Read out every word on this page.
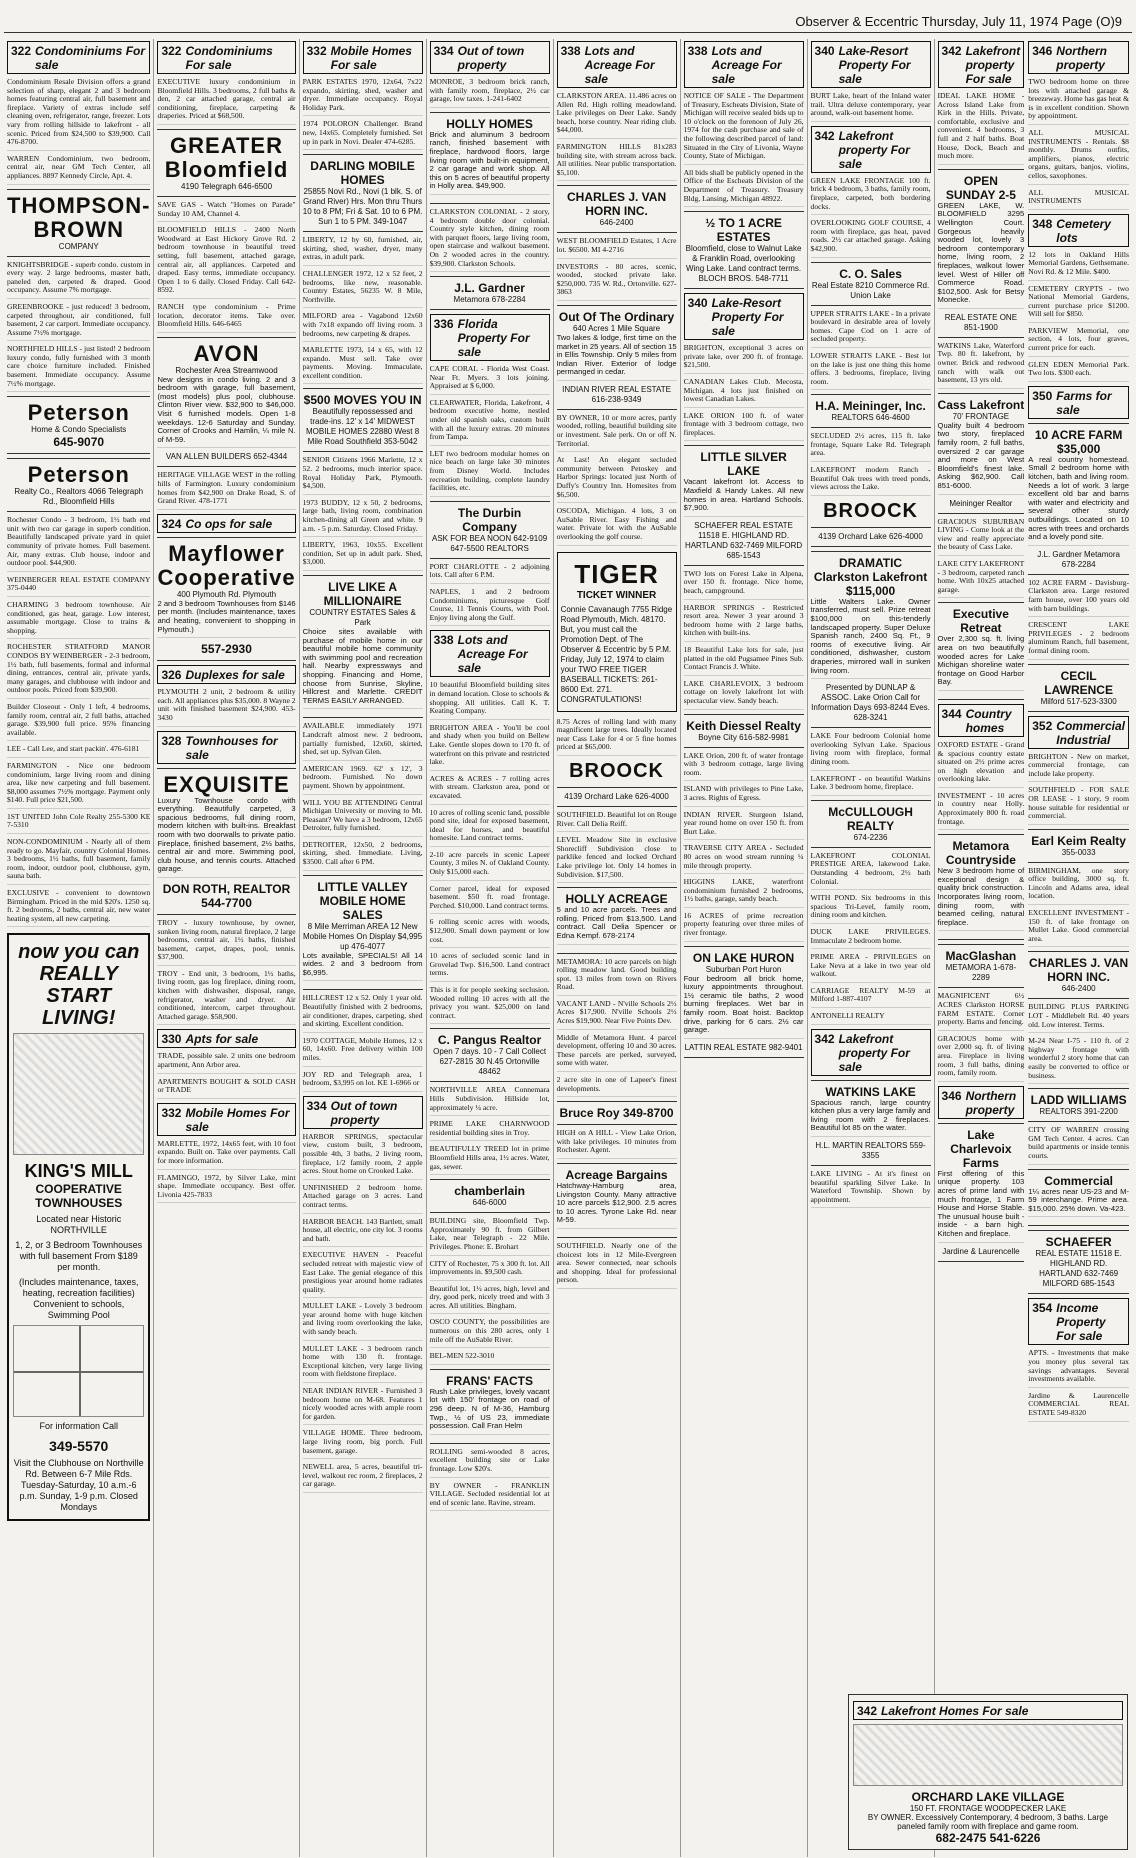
Observer & Eccentric Thursday, July 11, 1974 Page (O)9
322 Condominiums For sale

Condominium Resale Division offers a grand selection of sharp, elegant 2 and 3 bedroom homes featuring central air, full basement and fireplace. Variety of extras include self cleaning oven, refrigerator, range, freezer. Lots vary from rolling hillside to lakefront - all scenic. Priced from $24,500 to $39,900. Call 476-8700.

WARREN Condominium, two bedroom, central air, near GM Tech Center, all appliances. 8897 Kennedy Circle, Apt. 4.

THOMPSON-BROWN
COMPANY

KNIGHTSBRIDGE - superb condo. custom in every way. 2 large bedrooms, master bath, paneled den, carpeted & draped. Good occupancy. Assume 7% mortgage.

GREENBROOKE - just reduced! 3 bedroom, carpeted throughout, air conditioned, full basement, 2 car carport. Immediate occupancy. Assume 7½% mortgage.

NORTHFIELD HILLS - just listed! 2 bedroom luxury condo, fully furnished with 3 month care choice furniture included. Finished basement. Immediate occupancy. Assume 7½% mortgage.

Peterson
Home & Condo Specialists
645-9070
Peterson
Realty Co., Realtors 4066 Telegraph Rd., Bloomfield Hills

Rochester Condo - 3 bedroom, 1½ bath end unit with two car garage in superb condition. Beautifully landscaped private yard in quiet community of private homes. Full basement. Air, many extras. Club house, indoor and outdoor pool. $44,900.

WEINBERGER REAL ESTATE COMPANY 375-0440

CHARMING 3 bedroom townhouse. Air conditioned, gas heat, garage. Low interest, assumable mortgage. Close to trains & shopping.

ROCHESTER STRATFORD MANOR CONDOS BY WEINBERGER - 2-3 bedroom, 1½ bath, full basements, formal and informal dining, entrances, central air, private yards, many garages, and clubhouse with indoor and outdoor pools. Priced from $39,900.

Builder Closeout - Only 1 left, 4 bedrooms, family room, central air, 2 full baths, attached garage. $39,900 full price. 95% financing available.

LEE - Call Lee, and start packin'. 476-6181

FARMINGTON - Nice one bedroom condominium, large living room and dining area, like new carpeting and full basement. $8,000 assumes 7½% mortgage. Payment only $140. Full price $21,500.

1ST UNITED John Cole Realty 255-5300 KE 7-5310

NON-CONDOMINIUM - Nearly all of them ready to go. Mayfair, country Colonial Homes. 3 bedrooms, 1½ baths, full basement, family room, indoor, outdoor pool, clubhouse, gym, sauna bath.

EXCLUSIVE - convenient to downtown Birmingham. Priced in the mid $20's. 1250 sq. ft. 2 bedrooms, 2 baths, central air, new water heating system, all new carpeting.

now you can REALLY START LIVING!
KING'S MILL
COOPERATIVE TOWNHOUSES
Located near Historic NORTHVILLE
1, 2, or 3 Bedroom Townhouses with full basement From $189 per month.
(Includes maintenance, taxes, heating, recreation facilities) Convenient to schools, Swimming Pool
For information Call
349-5570
Visit the Clubhouse on Northville Rd. Between 6-7 Mile Rds. Tuesday-Saturday, 10 a.m.-6 p.m. Sunday, 1-9 p.m. Closed Mondays
322 Condominiums For sale

EXECUTIVE luxury condominium in Bloomfield Hills. 3 bedrooms, 2 full baths & den, 2 car attached garage, central air conditioning, fireplace, carpeting & draperies. Priced at $68,500.

GREATER Bloomfield
4190 Telegraph 646-6500

SAVE GAS - Watch "Homes on Parade" Sunday 10 AM, Channel 4.

BLOOMFIELD HILLS - 2400 North Woodward at East Hickory Grove Rd. 2 bedroom townhouse in beautiful treed setting, full basement, attached garage, central air, all appliances. Carpeted and draped. Easy terms, immediate occupancy. Open 1 to 6 daily. Closed Friday. Call 642-8592.

RANCH type condominium - Prime location, decorator items. Take over. Bloomfield Hills. 646-6465

AVON
Rochester Area Streamwood

New designs in condo living. 2 and 3 bedroom with garage, full basement, (most models) plus pool, clubhouse. Clinton River view. $32,900 to $46,000. Visit 6 furnished models. Open 1-8 weekdays. 12-6 Saturday and Sunday. Corner of Crooks and Hamlin, ¼ mile N. of M-59.

VAN ALLEN BUILDERS 652-4344

HERITAGE VILLAGE WEST in the rolling hills of Farmington. Luxury condominium homes from $42,900 on Drake Road, S. of Grand River. 478-1771

324 Co ops for sale
Mayflower Cooperative
400 Plymouth Rd. Plymouth

2 and 3 bedroom Townhouses from $146 per month. (Includes maintenance, taxes and heating, convenient to shopping in Plymouth.)

557-2930
326 Duplexes for sale

PLYMOUTH 2 unit, 2 bedroom & utility each. All appliances plus $35,000. 8 Wayne 2 unit with finished basement $24,900. 453-3430

328 Townhouses for sale
EXQUISITE

Luxury Townhouse condo with everything. Beautifully carpeted, 3 spacious bedrooms, full dining room, modern kitchen with built-ins. Breakfast room with two doorwalls to private patio. Fireplace, finished basement, 2½ baths, central air and more. Swimming pool, club house, and tennis courts. Attached garage.

DON ROTH, REALTOR 544-7700

TROY - luxury townhouse, by owner, sunken living room, natural fireplace, 2 large bedrooms, central air, 1½ baths, finished basement, carpet, drapes, pool, tennis. $37,900.

TROY - End unit, 3 bedroom, 1½ baths, living room, gas log fireplace, dining room, kitchen with dishwasher, disposal, range, refrigerator, washer and dryer. Air conditioned, intercom, carpet throughout. Attached garage. $58,900.

330 Apts for sale

TRADE, possible sale. 2 units one bedroom apartment, Ann Arbor area.

APARTMENTS BOUGHT & SOLD CASH or TRADE

332 Mobile Homes For sale

MARLETTE, 1972, 14x65 feet, with 10 foot expando. Built on. Take over payments. Call for more information.

FLAMINGO, 1972, by Silver Lake, mint shape. Immediate occupancy. Best offer. Livonia 425-7833

332 Mobile Homes For sale

PARK ESTATES 1970, 12x64, 7x22 expando, skirting, shed, washer and dryer. Immediate occupancy. Royal Holiday Park.

1974 POLORON Challenger. Brand new, 14x65. Completely furnished. Set up in park in Novi. Dealer 474-6285.

DARLING MOBILE HOMES
25855 Novi Rd., Novi (1 blk. S. of Grand River) Hrs. Mon thru Thurs 10 to 8 PM; Fri & Sat. 10 to 6 PM. Sun 1 to 5 PM. 349-1047

LIBERTY, 12 by 60, furnished, air, skirting, shed, washer, dryer, many extras, in adult park.

CHALLENGER 1972, 12 x 52 feet, 2 bedrooms, like new, reasonable. Country Estates, 56235 W. 8 Mile, Northville.

MILFORD area - Vagabond 12x60 with 7x18 expando off living room. 3 bedrooms, new carpeting & drapes.

MARLETTE 1973, 14 x 65, with 12 expando. Must sell. Take over payments. Moving. Immaculate, excellent condition.

$500 MOVES YOU IN
Beautifully repossessed and trade-ins. 12' x 14' MIDWEST MOBILE HOMES 22880 West 8 Mile Road Southfield 353-5042

SENIOR Citizens 1966 Marlette, 12 x 52. 2 bedrooms, much interior space. Royal Holiday Park, Plymouth. $4,500.

1973 BUDDY, 12 x 50, 2 bedrooms, large bath, living room, combination kitchen-dining all Green and white. 9 a.m. - 5 p.m. Saturday. Closed Friday.

LIBERTY, 1963, 10x55. Excellent condition, Set up in adult park. Shed, $3,000.

LIVE LIKE A MILLIONAIRE
COUNTRY ESTATES Sales & Park

Choice sites available with purchase of mobile home in our beautiful mobile home community with swimming pool and recreation hall. Nearby expressways and shopping. Financing and Home, choose from Sunrise, Skyline, Hillcrest and Marlette. CREDIT TERMS EASILY ARRANGED.

AVAILABLE immediately 1971 Landcraft almost new. 2 bedroom, partially furnished, 12x60, skirted, shed, set up. Sylvan Glen.

AMERICAN 1969. 62' x 12', 3 bedroom. Furnished. No down payment. Shown by appointment.

WILL YOU BE ATTENDING Central Michigan University or moving to Mt. Pleasant? We have a 3 bedroom, 12x65 Detroiter, fully furnished.

DETROITER, 12x50, 2 bedrooms, skirting, shed. Immediate. Living, $3500. Call after 6 PM.

LITTLE VALLEY MOBILE HOME SALES
8 Mile Merriman AREA 12 New Mobile Homes On Display $4,995 up 476-4077

Lots available, SPECIALS! All 14 wides. 2 and 3 bedroom from $6,995.

HILLCREST 12 x 52. Only 1 year old. Beautifully finished with 2 bedrooms, air conditioner, drapes, carpeting, shed and skirting. Excellent condition.

1970 COTTAGE, Mobile Homes, 12 x 60, 14x60. Free delivery within 100 miles.

JOY RD and Telegraph area, 1 bedroom, $3,995 on lot. KE 1-6966 or

334 Out of town property

HARBOR SPRINGS, spectacular view, custom built, 3 bedroom, possible 4th, 3 baths, 2 living room, fireplace, 1/2 family room, 2 apple acres. Stout home on Crooked Lake.

UNFINISHED 2 bedroom home. Attached garage on 3 acres. Land contract terms.

HARBOR BEACH. 143 Bartlett, small house, all electric, one city lot. 3 rooms and bath.

EXECUTIVE HAVEN - Peaceful secluded retreat with majestic view of East Lake. The genial elegance of this prestigious year around home radiates quality.

MULLET LAKE - Lovely 3 bedroom year around home with huge kitchen and living room overlooking the lake, with sandy beach.

MULLET LAKE - 3 bedroom ranch home with 130 ft. frontage. Exceptional kitchen, very large living room with fieldstone fireplace.

NEAR INDIAN RIVER - Furnished 3 bedroom home on M-68. Features 1 nicely wooded acres with ample room for garden.

VILLAGE HOME. Three bedroom, large living room, big porch. Full basement, garage.

NEWELL area, 5 acres, beautiful tri-level, walkout rec room, 2 fireplaces, 2 car garage.

334 Out of town property

MONROE, 3 bedroom brick ranch, with family room, fireplace, 2½ car garage, low taxes. 1-241-6402

HOLLY HOMES

Brick and aluminum 3 bedroom ranch, finished basement with fireplace, hardwood floors, large living room with built-in equipment, 2 car garage and work shop. All this on 5 acres of beautiful property in Holly area. $49,900.

CLARKSTON COLONIAL - 2 story, 4 bedroom double door colonial. Country style kitchen, dining room with parquet floors, large living room, open staircase and walkout basement. On 2 wooded acres in the country. $39,900. Clarkston Schools.

J.L. Gardner
Metamora 678-2284
336 Florida Property For sale

CAPE CORAL - Florida West Coast. Near Ft. Myers. 3 lots joining. Appraised at $ 6,000.

CLEARWATER, Florida, Lakefront, 4 bedroom executive home, nestled under old spanish oaks, custom built with all the luxury extras. 20 minutes from Tampa.

LET two bedroom modular homes on nice beach on large lake 30 minutes from Disney World. Includes recreation building, complete laundry facilities, etc.

The Durbin Company
ASK FOR BEA NOON 642-9109 647-5500 REALTORS

PORT CHARLOTTE - 2 adjoining lots. Call after 6 P.M.

NAPLES, 1 and 2 bedroom Condominiums, picturesque Golf Course, 11 Tennis Courts, with Pool. Enjoy living along the Gulf.

338 Lots and Acreage For sale

10 beautiful Bloomfield building sites in demand location. Close to schools & shopping. All utilities. Call K. T. Keating Company.

BRIGHTON AREA - You'll be cool and shady when you build on Bellew Lake. Gentle slopes down to 170 ft. of waterfront on this private and restricted lake.

ACRES & ACRES - 7 rolling acres with stream. Clarkston area, pond or excavated.

10 acres of rolling scenic land, possible pond site, ideal for exposed basement, ideal for horses, and beautiful homesite. Land contract terms.

2-10 acre parcels in scenic Lapeer County, 3 miles N. of Oakland County. Only $15,000 each.

Corner parcel, ideal for exposed basement. $50 ft. road frontage. Perched. $10,000. Land contract terms.

6 rolling scenic acres with woods, $12,900. Small down payment or low cost.

10 acres of secluded scenic land in Grovelad Twp. $16,500. Land contract terms.

This is it for people seeking seclusion. Wooded rolling 10 acres with all the privacy you want. $25,000 on land contract.

C. Pangus Realtor
Open 7 days. 10 - 7 Call Collect 627-2815 30 N.45 Ortonville 48462

NORTHVILLE AREA Connemara Hills Subdivision. Hillside lot, approximately ¼ acre.

PRIME LAKE CHARNWOOD residential building sites in Troy.

BEAUTIFULLY TREED lot in prime Bloomfield Hills area, 1½ acres. Water, gas, sewer.

chamberlain
646-6000

BUILDING site, Bloomfield Twp. Approximately 90 ft. from Gilbert Lake, near Telegraph - 22 Mile. Privileges. Phone: E. Brohart

CITY of Rochester, 75 x 300 ft. lot. All improvements in. $9,500 cash.

Beautiful lot, 1½ acres, high, level and dry, good perk, nicely treed and with 3 acres. All utilities. Bingham.

OSCO COUNTY, the possibilities are numerous on this 280 acres, only 1 mile off the AuSable River.

BEL-MEN 522-3010

FRANS' FACTS

Rush Lake privileges, lovely vacant lot with 150' frontage on road of 296 deep. N of M-36, Hamburg Twp., ½ of US 23, immediate possession. Call Fran Helm

ROLLING semi-wooded 8 acres, excellent building site or Lake frontage. Low $20's.

BY OWNER - FRANKLIN VILLAGE. Secluded residential lot at end of scenic lane. Ravine, stream.

338 Lots and Acreage For sale

CLARKSTON AREA. 11.486 acres on Allen Rd. High rolling meadowland. Lake privileges on Deer Lake. Sandy beach, horse country. Near riding club. $44,000.

FARMINGTON HILLS 81x283 building site, with stream across back. All utilities. Near public transportation. $5,100.

CHARLES J. VAN HORN INC.
646-2400

WEST BLOOMFIELD Estates, 1 Acre lot. $6500. MI 4-2716

INVESTORS - 80 acres, scenic, wooded, stocked private lake. $250,000. 735 W. Rd., Ortonville. 627-3863

Out Of The Ordinary
640 Acres 1 Mile Square

Two lakes & lodge, first time on the market in 25 years. All of section 15 in Ellis Township. Only 5 miles from Indian River. Exterior of lodge permanged in cedar.

INDIAN RIVER REAL ESTATE 616-238-9349

BY OWNER, 10 or more acres, partly wooded, rolling, beautiful building site or investment. Sale perk. On or off N. Territorial.

At Last! An elegant secluded community between Petoskey and Harbor Springs: located just North of Duffy's Country Inn. Homesites from $6,500.

OSCODA, Michigan. 4 lots, 3 on AuSable River. Easy Fishing and water. Private lot with the AuSable overlooking the golf course.

TIGER
TICKET WINNER
Connie Cavanaugh 7755 Ridge Road Plymouth, Mich. 48170. But, you must call the Promotion Dept. of The Observer & Eccentric by 5 P.M. Friday, July 12, 1974 to claim your TWO FREE TIGER BASEBALL TICKETS: 261-8600 Ext. 271. CONGRATULATIONS!

8.75 Acres of rolling land with many magnificent large trees. Ideally located near Cass Lake for 4 or 5 fine homes priced at $65,000.

BROOCK
4139 Orchard Lake 626-4000

SOUTHFIELD. Beautiful lot on Rouge River. Call Delia Reiff.

LEVEL Meadow Site in exclusive Shorecliff Subdivision close to parklike fenced and locked Orchard Lake privilege lot. Only 14 homes in Subdivision. $17,500.

HOLLY ACREAGE

5 and 10 acre parcels. Trees and rolling. Priced from $13,500. Land contract. Call Delia Spencer or Edna Kempf. 678-2174

METAMORA: 10 acre parcels on high rolling meadow land. Good building spot. 13 miles from town on Rivers Road.

VACANT LAND - N'ville Schools 2½ Acres $17,900. N'ville Schools 2½ Acres $19,900. Near Five Points Dev.

Middle of Metamora Hunt. 4 parcel development, offering 10 and 30 acres. These parcels are perked, surveyed, some with water.

2 acre site in one of Lapeer's finest developments.

Bruce Roy 349-8700

HIGH on A HILL - View Lake Orion, with lake privileges. 10 minutes from Rochester. Agent.

Acreage Bargains

Hatchway-Hamburg area, Livingston County. Many attractive 10 acre parcels $12,900. 2.5 acres to 10 acres. Tyrone Lake Rd. near M-59.

SOUTHFIELD. Nearly one of the choicest lots in 12 Mile-Evergreen area. Sewer connected, near schools and shopping. Ideal for professional person.

338 Lots and Acreage For sale

NOTICE OF SALE - The Department of Treasury, Escheats Division, State of Michigan will receive sealed bids up to 10 o'clock on the forenoon of July 26, 1974 for the cash purchase and sale of the following described parcel of land: Situated in the City of Livonia, Wayne County, State of Michigan.

All bids shall be publicly opened in the Office of the Escheats Division of the Department of Treasury. Treasury Bldg, Lansing, Michigan 48922.

½ TO 1 ACRE ESTATES
Bloomfield, close to Walnut Lake & Franklin Road, overlooking Wing Lake. Land contract terms. BLOCH BROS. 548-7711
340 Lake-Resort Property For sale

BRIGHTON, exceptional 3 acres on private lake, over 200 ft. of frontage. $21,500.

CANADIAN Lakes Club. Mecosta, Michigan. 4 lots just finished on lowest Canadian Lakes.

LAKE ORION 100 ft. of water frontage with 3 bedroom cottage, two fireplaces.

LITTLE SILVER LAKE

Vacant lakefront lot. Access to Maxfield & Handy Lakes. All new homes in area. Hartland Schools. $7,900.

SCHAEFER REAL ESTATE 11518 E. HIGHLAND RD. HARTLAND 632-7469 MILFORD 685-1543

TWO lots on Forest Lake in Alpena, over 150 ft. frontage. Nice home, beach, campground.

HARBOR SPRINGS - Restricted resort area. Newer 3 year around 3 bedroom home with 2 large baths, kitchen with built-ins.

18 Beautiful Lake lots for sale, just platted in the old Pugsamee Pines Sub. Contact Francis J. White.

LAKE CHARLEVOIX, 3 bedroom cottage on lovely lakefront lot with spectacular view. Sandy beach.

Keith Diessel Realty
Boyne City 616-582-9981

LAKE Orion, 200 ft. of water frontage with 3 bedroom cottage, large living room.

ISLAND with privileges to Pine Lake, 3 acres. Rights of Egress.

INDIAN RIVER. Sturgeon Island, year round home on over 150 ft. from Burt Lake.

TRAVERSE CITY AREA - Secluded 80 acres on wood stream running ¼ mile through property.

HIGGINS LAKE, waterfront condominium furnished 2 bedrooms, 1½ baths, garage, sandy beach.

16 ACRES of prime recreation property featuring over three miles of river frontage.

ON LAKE HURON
Suburban Port Huron

Four bedroom all brick home, luxury appointments throughout. 1½ ceramic tile baths, 2 wood burning fireplaces. Wet bar in family room. Boat hoist. Backtop drive, parking for 6 cars. 2½ car garage.

LATTIN REAL ESTATE 982-9401
340 Lake-Resort Property For sale

BURT Lake, heart of the Inland water trail. Ultra deluxe contemporary, year around, walk-out basement home.

342 Lakefront property For sale

GREEN LAKE FRONTAGE 100 ft. brick 4 bedroom, 3 baths, family room, fireplace, carpeted, both bordering docks.

OVERLOOKING GOLF COURSE, 4 room with fireplace, gas heat, paved roads. 2½ car attached garage. Asking $42,900.

C. O. Sales
Real Estate 8210 Commerce Rd. Union Lake

UPPER STRAITS LAKE - In a private boulevard in desirable area of lovely homes. Cape Cod on 1 acre of secluded property.

LOWER STRAITS LAKE - Best lot on the lake is just one thing this home offers. 3 bedrooms, fireplace, living room.

H.A. Meininger, Inc.
REALTORS 646-4600

SECLUDED 2½ acres, 115 ft. lake frontage, Square Lake Rd. Telegraph area.

LAKEFRONT modern Ranch - Beautiful Oak trees with treed ponds, views across the Lake.

BROOCK
4139 Orchard Lake 626-4000
DRAMATIC Clarkston Lakefront $115,000

Little Walters Lake. Owner transferred, must sell. Prize retreat $100,000 on this-tenderly landscaped property. Super Deluxe Spanish ranch, 2400 Sq. Ft., 9 rooms of executive living. Air conditioned, dishwasher, custom draperies, mirrored wall in sunken living room.

Presented by DUNLAP & ASSOC. Lake Orion Call for Information Days 693-8244 Eves. 628-3241

LAKE Four bedroom Colonial home overlooking Sylvan Lake. Spacious living room with fireplace, formal dining room.

LAKEFRONT - on beautiful Watkins Lake. 3 bedroom home, fireplace.

McCULLOUGH REALTY
674-2236

LAKEFRONT COLONIAL PRESTIGE AREA, lakewood Lake. Outstanding 4 bedroom, 2½ bath Colonial.

WITH POND. Six bedrooms in this spacious Tri-Level, family room, dining room and kitchen.

DUCK LAKE PRIVILEGES. Immaculate 2 bedroom home.

PRIME AREA - PRIVILEGES on Lake Neva at a lake in two year old walkout.

CARRIAGE REALTY M-59 at Milford 1-887-4107

ANTONELLI REALTY

342 Lakefront property For sale
WATKINS LAKE

Spacious ranch, large country kitchen plus a very large family and living room with 2 fireplaces. Beautiful lot 85 on the water.

H.L. MARTIN REALTORS 559-3355

LAKE LIVING - At it's finest on beautiful sparkling Silver Lake. In Waterford Township. Shown by appointment.

342 Lakefront property For sale

IDEAL LAKE HOME - Across Island Lake from Kirk in the Hills. Private, comfortable, exclusive and convenient. 4 bedrooms, 3 full and 2 half baths. Boat House, Dock, Beach and much more.

OPEN SUNDAY 2-5

GREEN LAKE, W. BLOOMFIELD 3295 Wellington Court. Gorgeous heavily wooded lot, lovely 3 bedroom contemporary home, living room, 2 fireplaces, walkout lower level. West of Hiller off Commerce Road. $102,500. Ask for Betsy Monecke.

REAL ESTATE ONE 851-1900

WATKINS Lake, Waterford Twp. 80 ft. lakefront, by owner. Brick and redwood ranch with walk out basement, 13 yrs old.

Cass Lakefront
70' FRONTAGE

Quality built 4 bedroom two story, fireplaced family room, 2 full baths, oversized 2 car garage and more on West Bloomfield's finest lake. Asking $62,900. Call 851-6000.

Meininger Realtor

GRACIOUS SUBURBAN LIVING - Come look at the view and really appreciate the beauty of Cass Lake.

LAKE CITY LAKEFRONT - 3 bedroom, carpeted ranch home. With 10x25 attached garage.

Executive Retreat

Over 2,300 sq. ft. living area on two beautifully wooded acres for Lake Michigan shoreline water frontage on Good Harbor Bay.

344 Country homes

OXFORD ESTATE - Grand & spacious country estate situated on 2½ prime acres on high elevation and overlooking lake.

INVESTMENT - 10 acres in country near Holly. Approximately 800 ft. road frontage.

Metamora Countryside

New 3 bedroom home of exceptional design & quality brick construction. Incorporates living room, dining room, with beamed ceiling, natural fireplace.

MacGlashan
METAMORA 1-678-2289

MAGNIFICENT 6½ ACRES Clarkston HORSE FARM ESTATE. Corner property. Barns and fencing.

GRACIOUS home with over 2,000 sq. ft. of living area. Fireplace in living room, 3 full baths, dining room, family room.

346 Northern property
Lake Charlevoix Farms

First offering of this unique property. 103 acres of prime land with much frontage, 1 Farm House and Horse Stable. The unusual house built - inside - a barn high. Kitchen and fireplace.

Jardine & Laurencelle
346 Northern property

TWO bedroom home on three lots with attached garage & breezeway. Home has gas heat & is in excellent condition. Shown by appointment.

ALL MUSICAL INSTRUMENTS - Rentals. $8 monthly. Drums outfits, amplifiers, pianos, electric organs, guitars, banjos, violins, cellos, saxophones.

ALL MUSICAL INSTRUMENTS

348 Cemetery lots

12 lots in Oakland Hills Memorial Gardens, Gethsemane. Novi Rd. & 12 Mile. $400.

CEMETERY CRYPTS - two National Memorial Gardens, current purchase price $1200. Will sell for $850.

PARKVIEW Memorial, one section, 4 lots, four graves, current price for each.

GLEN EDEN Memorial Park. Two lots. $300 each.

350 Farms for sale
10 ACRE FARM $35,000

A real country homestead. Small 2 bedroom home with kitchen, bath and living room. Needs a lot of work. 3 large excellent old bar and barns with water and electricity and several other sturdy outbuildings. Located on 10 acres with trees and orchards and a lovely pond site.

J.L. Gardner Metamora 678-2284

102 ACRE FARM - Davisburg-Clarkston area. Large restored farm house, over 100 years old with barn buildings.

CRESCENT LAKE PRIVILEGES - 2 bedroom aluminum Ranch, full basement, formal dining room.

CECIL LAWRENCE
Milford 517-523-3300
352 Commercial Industrial

BRIGHTON - New on market, commercial frontage, can include lake property.

SOUTHFIELD - FOR SALE OR LEASE - 1 story, 9 room house suitable for residential or commercial.

Earl Keim Realty
355-0033

BIRMINGHAM, one story office building, 3000 sq. ft. Lincoln and Adams area, ideal location.

EXCELLENT INVESTMENT - 150 ft. of lake frontage on Mullet Lake. Good commercial area.

CHARLES J. VAN HORN INC.
646-2400

BUILDING PLUS PARKING LOT - Middlebelt Rd. 40 years old. Low interest. Terms.

M-24 Near I-75 - 110 ft. of 2 highway frontage with wonderful 2 story home that can easily be converted to office or business.

LADD WILLIAMS
REALTORS 391-2200

CITY OF WARREN crossing GM Tech Center. 4 acres. Can build apartments or inside tennis courts.

Commercial

1¼ acres near US-23 and M-59 interchange. Prime area. $15,000. 25% down. Va-423.

SCHAEFER
REAL ESTATE 11518 E. HIGHLAND RD. HARTLAND 632-7469 MILFORD 685-1543
354 Income Property For sale

APTS. - Investments that make you money plus several tax savings advantages. Several investments available.

Jardine & Laurencelle COMMERCIAL REAL ESTATE 549-8320

342 Lakefront Homes For sale
ORCHARD LAKE VILLAGE
150 FT. FRONTAGE WOODPECKER LAKE
BY OWNER. Excessively Contemporary, 4 bedroom, 3 baths. Large paneled family room with fireplace and game room.
682-2475 541-6226
